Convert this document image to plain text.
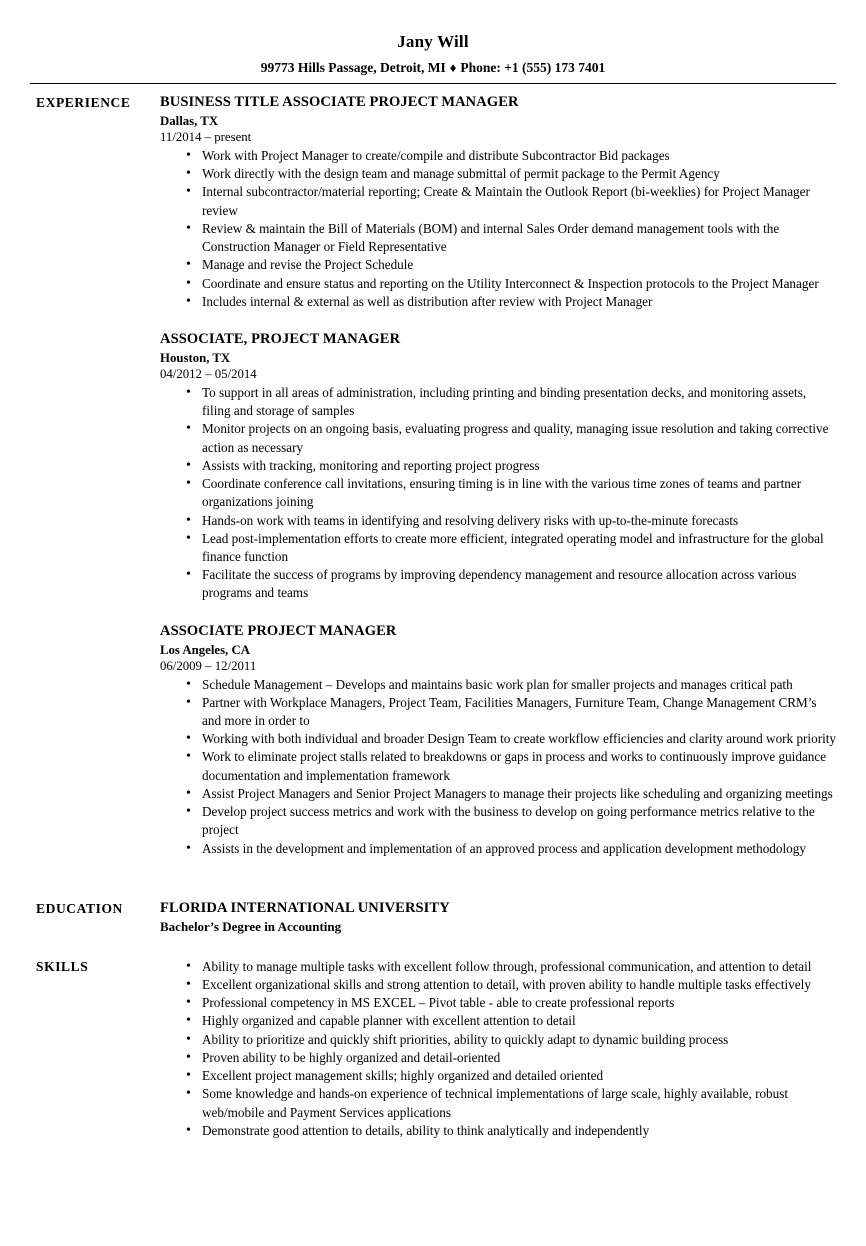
Jany Will
99773 Hills Passage, Detroit, MI ♦ Phone: +1 (555) 173 7401
EXPERIENCE	BUSINESS TITLE ASSOCIATE PROJECT MANAGER
Dallas, TX
11/2014 – present
• Work with Project Manager to create/compile and distribute Subcontractor Bid packages
• Work directly with the design team and manage submittal of permit package to the Permit Agency
• Internal subcontractor/material reporting; Create & Maintain the Outlook Report (bi-weeklies) for Project Manager review
• Review & maintain the Bill of Materials (BOM) and internal Sales Order demand management tools with the Construction Manager or Field Representative
• Manage and revise the Project Schedule
• Coordinate and ensure status and reporting on the Utility Interconnect & Inspection protocols to the Project Manager
• Includes internal & external as well as distribution after review with Project Manager
ASSOCIATE, PROJECT MANAGER
Houston, TX
04/2012 – 05/2014
• To support in all areas of administration, including printing and binding presentation decks, and monitoring assets, filing and storage of samples
• Monitor projects on an ongoing basis, evaluating progress and quality, managing issue resolution and taking corrective action as necessary
• Assists with tracking, monitoring and reporting project progress
• Coordinate conference call invitations, ensuring timing is in line with the various time zones of teams and partner organizations joining
• Hands-on work with teams in identifying and resolving delivery risks with up-to-the-minute forecasts
• Lead post-implementation efforts to create more efficient, integrated operating model and infrastructure for the global finance function
• Facilitate the success of programs by improving dependency management and resource allocation across various programs and teams
ASSOCIATE PROJECT MANAGER
Los Angeles, CA
06/2009 – 12/2011
• Schedule Management – Develops and maintains basic work plan for smaller projects and manages critical path
• Partner with Workplace Managers, Project Team, Facilities Managers, Furniture Team, Change Management CRM’s and more in order to
• Working with both individual and broader Design Team to create workflow efficiencies and clarity around work priority
• Work to eliminate project stalls related to breakdowns or gaps in process and works to continuously improve guidance documentation and implementation framework
• Assist Project Managers and Senior Project Managers to manage their projects like scheduling and organizing meetings
• Develop project success metrics and work with the business to develop on going performance metrics relative to the project
• Assists in the development and implementation of an approved process and application development methodology
EDUCATION	FLORIDA INTERNATIONAL UNIVERSITY
Bachelor’s Degree in Accounting
SKILLS	• Ability to manage multiple tasks with excellent follow through, professional communication, and attention to detail
• Excellent organizational skills and strong attention to detail, with proven ability to handle multiple tasks effectively
• Professional competency in MS EXCEL – Pivot table - able to create professional reports
• Highly organized and capable planner with excellent attention to detail
• Ability to prioritize and quickly shift priorities, ability to quickly adapt to dynamic building process
• Proven ability to be highly organized and detail-oriented
• Excellent project management skills; highly organized and detailed oriented
• Some knowledge and hands-on experience of technical implementations of large scale, highly available, robust web/mobile and Payment Services applications
• Demonstrate good attention to details, ability to think analytically and independently
